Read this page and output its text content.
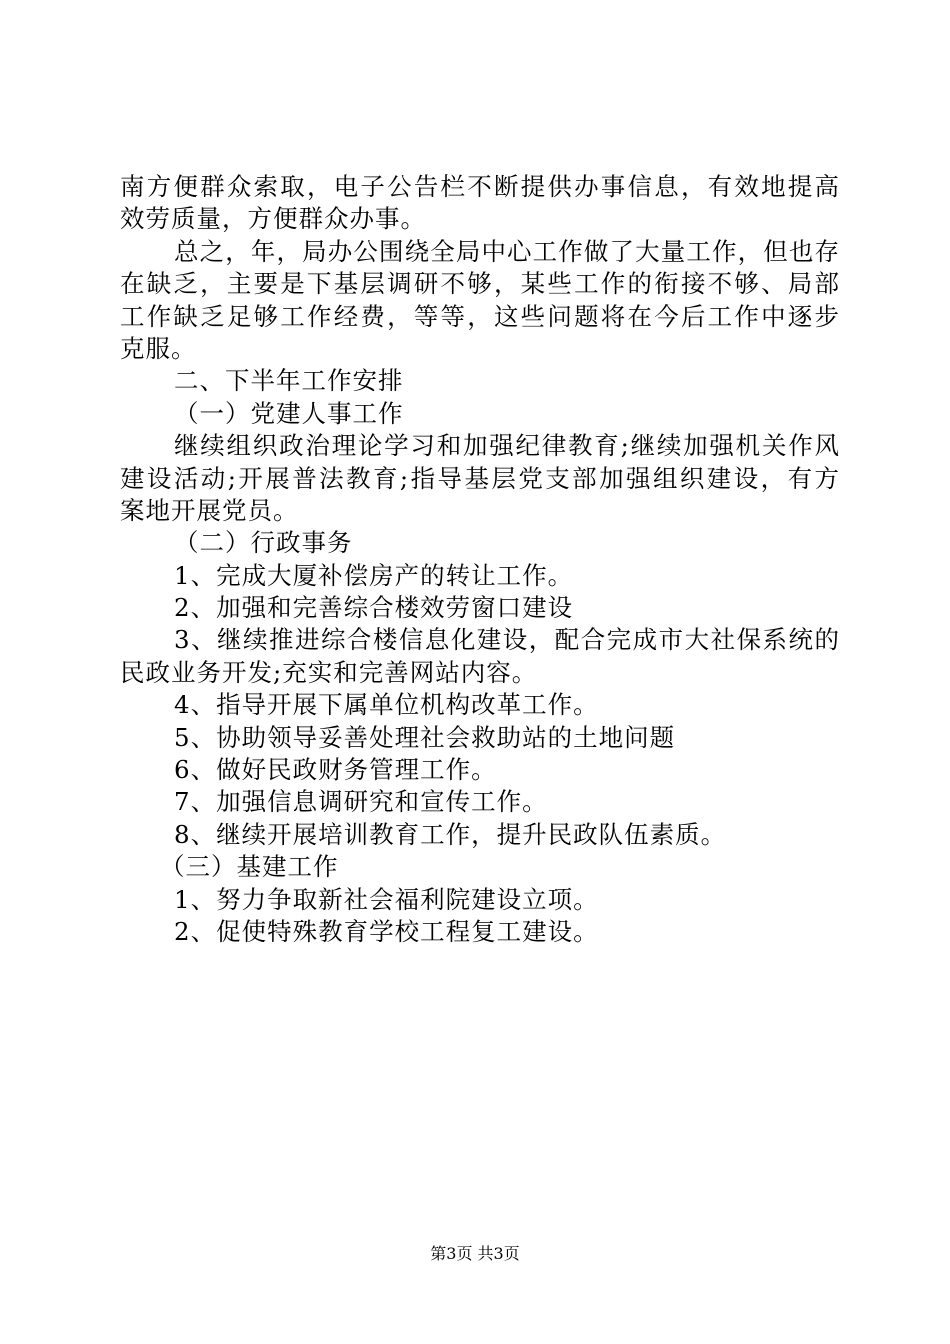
南方便群众索取，电子公告栏不断提供办事信息，有效地提高
效劳质量，方便群众办事。
总之，年，局办公围绕全局中心工作做了大量工作，但也存
在缺乏，主要是下基层调研不够，某些工作的衔接不够、局部
工作缺乏足够工作经费，等等，这些问题将在今后工作中逐步
克服。
二、下半年工作安排
（一）党建人事工作
继续组织政治理论学习和加强纪律教育;继续加强机关作风
建设活动;开展普法教育;指导基层党支部加强组织建设，有方
案地开展党员。
（二）行政事务
1、完成大厦补偿房产的转让工作。
2、加强和完善综合楼效劳窗口建设
3、继续推进综合楼信息化建设，配合完成市大社保系统的
民政业务开发;充实和完善网站内容。
4、指导开展下属单位机构改革工作。
5、协助领导妥善处理社会救助站的土地问题
6、做好民政财务管理工作。
7、加强信息调研究和宣传工作。
8、继续开展培训教育工作，提升民政队伍素质。
（三）基建工作
1、努力争取新社会福利院建设立项。
2、促使特殊教育学校工程复工建设。
第3页 共3页
